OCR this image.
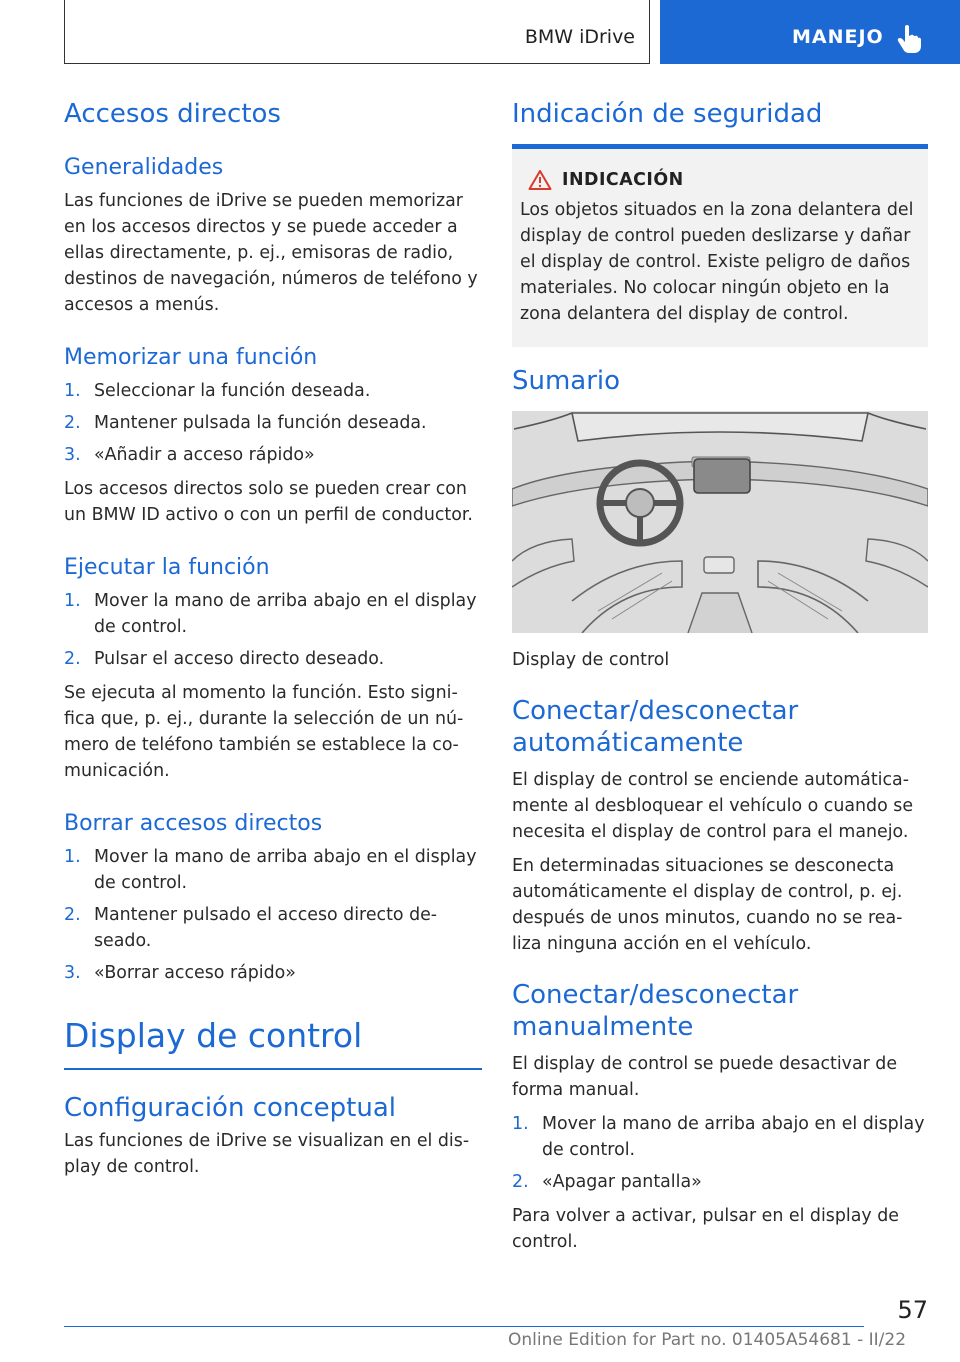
BMW iDrive	MANEJO
Accesos directos
Generalidades

Las funciones de iDrive se pueden memorizar en los accesos directos y se puede acceder a ellas directamente, p. ej., emisoras de radio, destinos de navegación, números de teléfono y accesos a menús.

Memorizar una función
1. Seleccionar la función deseada.
2. Mantener pulsada la función deseada.
3. «Añadir a acceso rápido»

Los accesos directos solo se pueden crear con un BMW ID activo o con un perfil de conductor.

Ejecutar la función
1. Mover la mano de arriba abajo en el display de control.
2. Pulsar el acceso directo deseado.

Se ejecuta al momento la función. Esto signi‐fica que, p. ej., durante la selección de un nú‐mero de teléfono también se establece la co‐municación.

Borrar accesos directos
1. Mover la mano de arriba abajo en el display de control.
2. Mantener pulsado el acceso directo de‐seado.
3. «Borrar acceso rápido»
Display de control
Configuración conceptual

Las funciones de iDrive se visualizan en el dis‐play de control.

Indicación de seguridad
INDICACIÓN

Los objetos situados en la zona delantera del display de control pueden deslizarse y dañar el display de control. Existe peligro de daños materiales. No colocar ningún objeto en la zona delantera del display de control.

Sumario

Display de control

Conectar/desconectar automáticamente

El display de control se enciende automática‐mente al desbloquear el vehículo o cuando se necesita el display de control para el manejo.

En determinadas situaciones se desconecta automáticamente el display de control, p. ej. después de unos minutos, cuando no se rea‐liza ninguna acción en el vehículo.

Conectar/desconectar manualmente

El display de control se puede desactivar de forma manual.

1. Mover la mano de arriba abajo en el display de control.
2. «Apagar pantalla»

Para volver a activar, pulsar en el display de control.

57
Online Edition for Part no. 01405A54681 - II/22
